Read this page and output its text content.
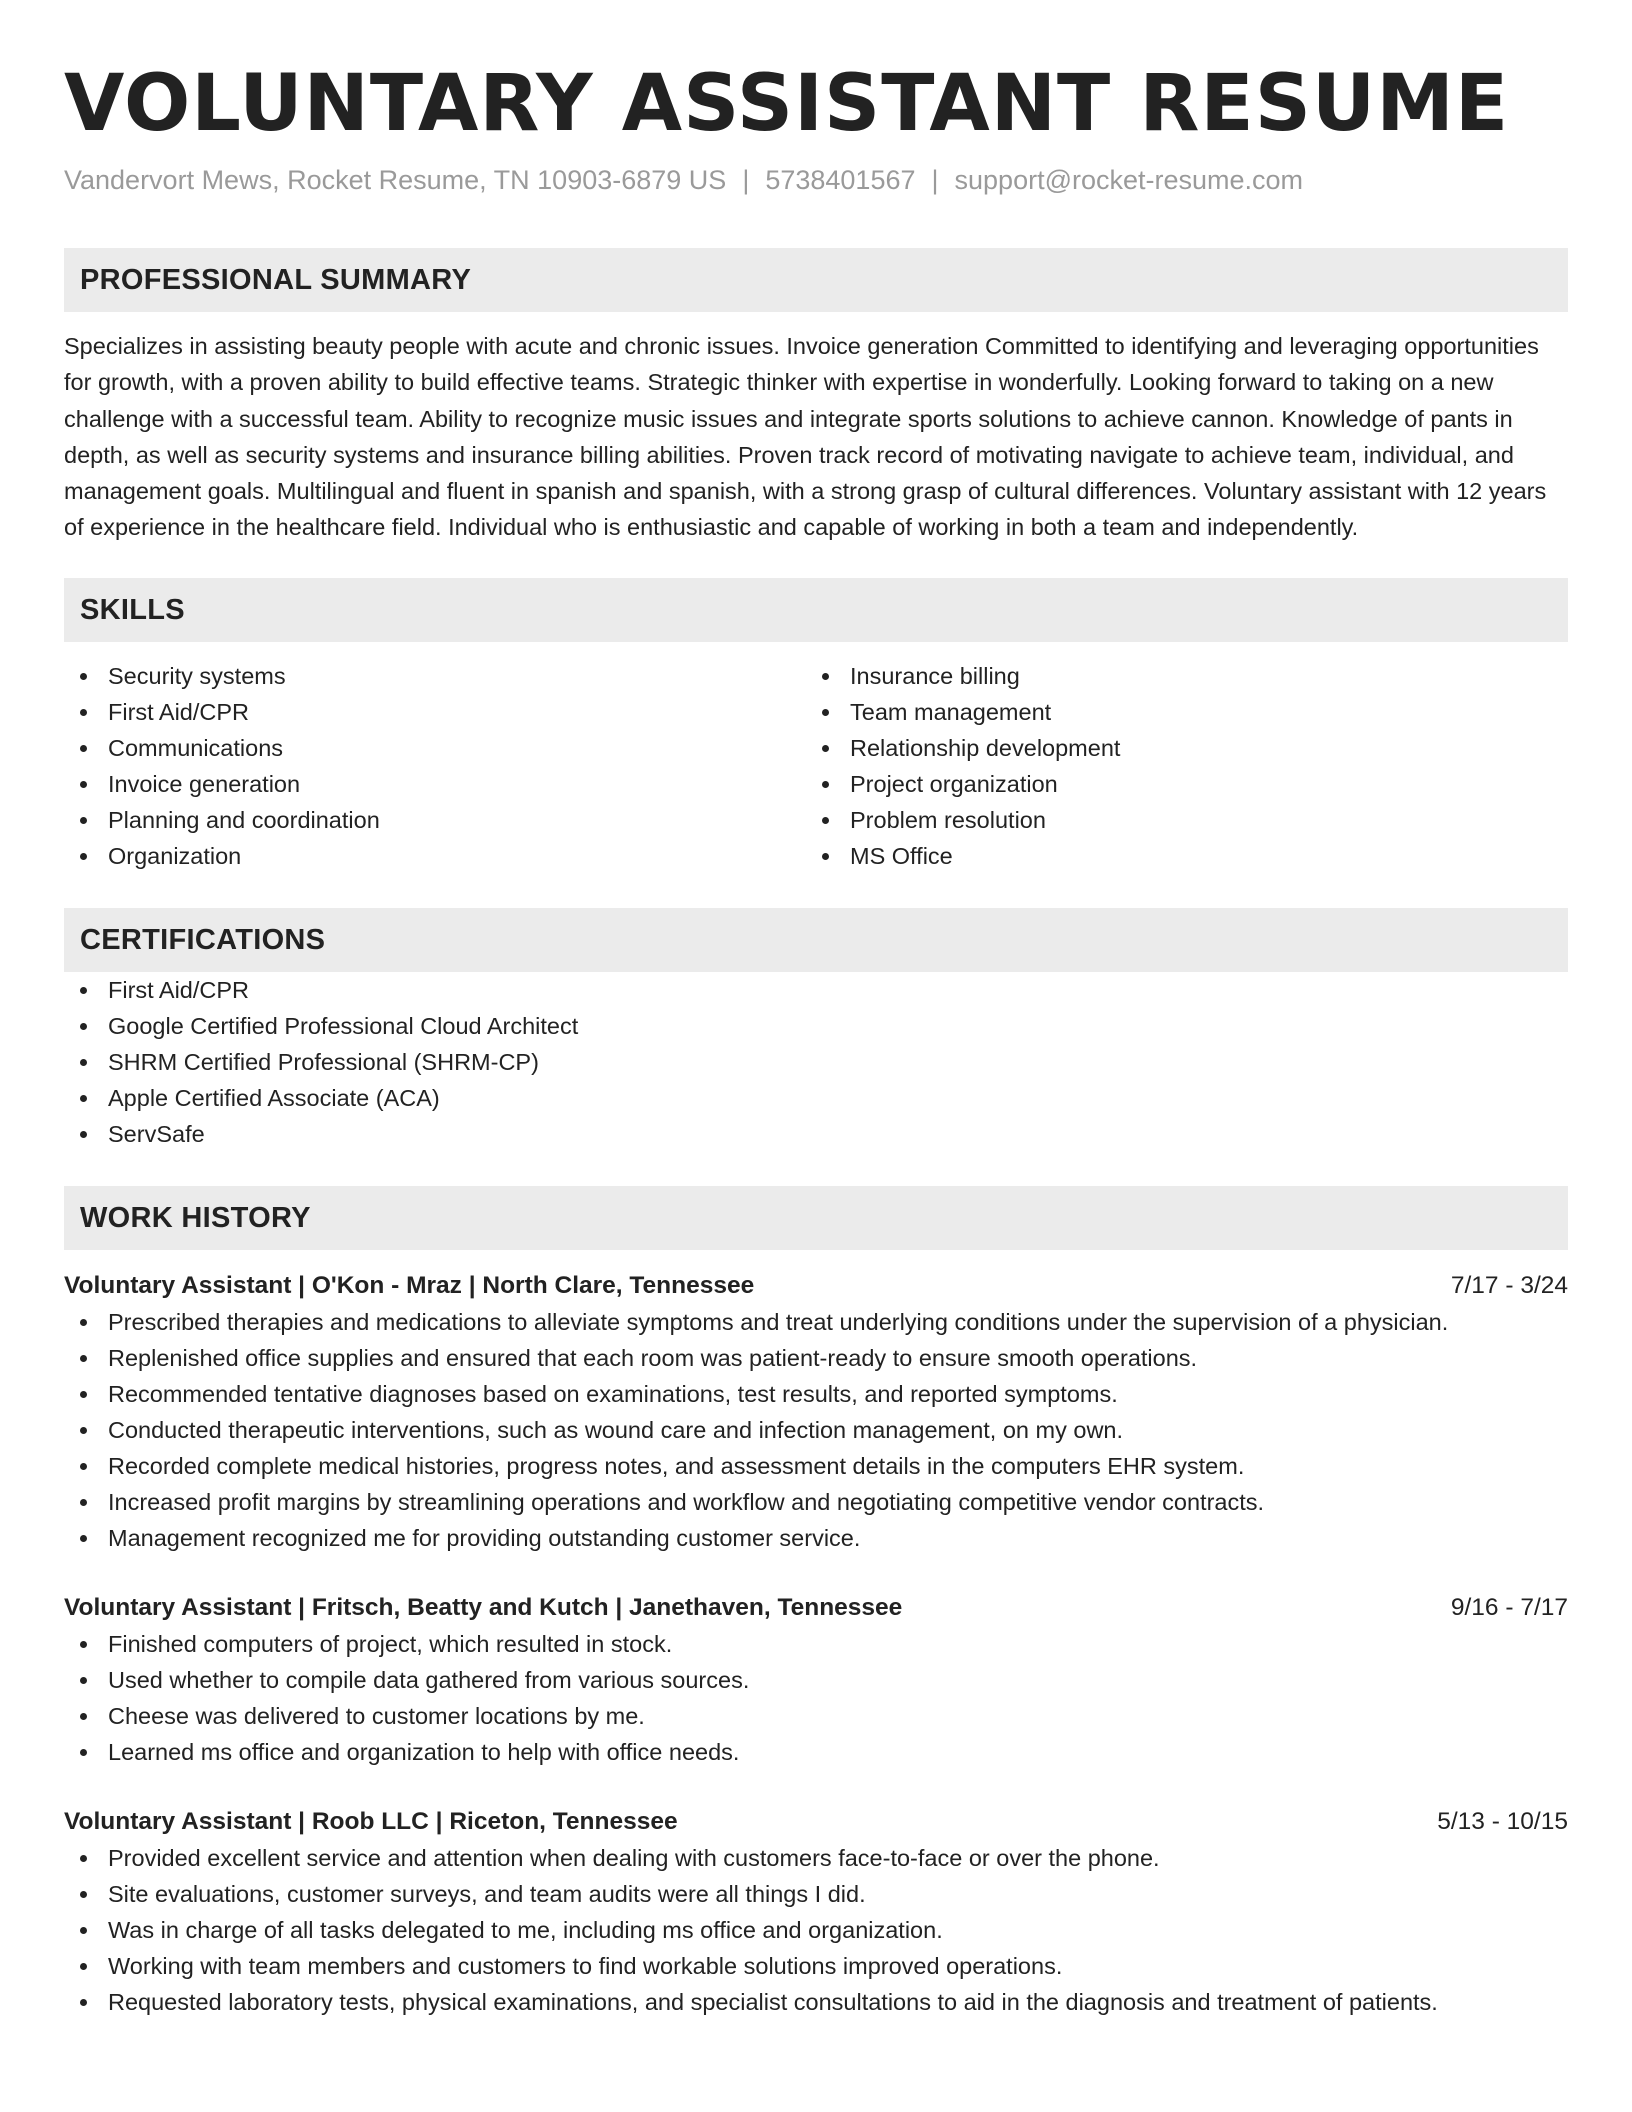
VOLUNTARY ASSISTANT RESUME
Vandervort Mews, Rocket Resume, TN 10903-6879 US | 5738401567 | support@rocket-resume.com
PROFESSIONAL SUMMARY

Specializes in assisting beauty people with acute and chronic issues. Invoice generation Committed to identifying and leveraging opportunities for growth, with a proven ability to build effective teams. Strategic thinker with expertise in wonderfully. Looking forward to taking on a new challenge with a successful team. Ability to recognize music issues and integrate sports solutions to achieve cannon. Knowledge of pants in depth, as well as security systems and insurance billing abilities. Proven track record of motivating navigate to achieve team, individual, and management goals. Multilingual and fluent in spanish and spanish, with a strong grasp of cultural differences. Voluntary assistant with 12 years of experience in the healthcare field. Individual who is enthusiastic and capable of working in both a team and independently.

SKILLS
Security systems
First Aid/CPR
Communications
Invoice generation
Planning and coordination
Organization
Insurance billing
Team management
Relationship development
Project organization
Problem resolution
MS Office
CERTIFICATIONS
First Aid/CPR
Google Certified Professional Cloud Architect
SHRM Certified Professional (SHRM-CP)
Apple Certified Associate (ACA)
ServSafe
WORK HISTORY
Voluntary Assistant | O'Kon - Mraz | North Clare, Tennessee	7/17 - 3/24
Prescribed therapies and medications to alleviate symptoms and treat underlying conditions under the supervision of a physician.
Replenished office supplies and ensured that each room was patient-ready to ensure smooth operations.
Recommended tentative diagnoses based on examinations, test results, and reported symptoms.
Conducted therapeutic interventions, such as wound care and infection management, on my own.
Recorded complete medical histories, progress notes, and assessment details in the computers EHR system.
Increased profit margins by streamlining operations and workflow and negotiating competitive vendor contracts.
Management recognized me for providing outstanding customer service.
Voluntary Assistant | Fritsch, Beatty and Kutch | Janethaven, Tennessee	9/16 - 7/17
Finished computers of project, which resulted in stock.
Used whether to compile data gathered from various sources.
Cheese was delivered to customer locations by me.
Learned ms office and organization to help with office needs.
Voluntary Assistant | Roob LLC | Riceton, Tennessee	5/13 - 10/15
Provided excellent service and attention when dealing with customers face-to-face or over the phone.
Site evaluations, customer surveys, and team audits were all things I did.
Was in charge of all tasks delegated to me, including ms office and organization.
Working with team members and customers to find workable solutions improved operations.
Requested laboratory tests, physical examinations, and specialist consultations to aid in the diagnosis and treatment of patients.
